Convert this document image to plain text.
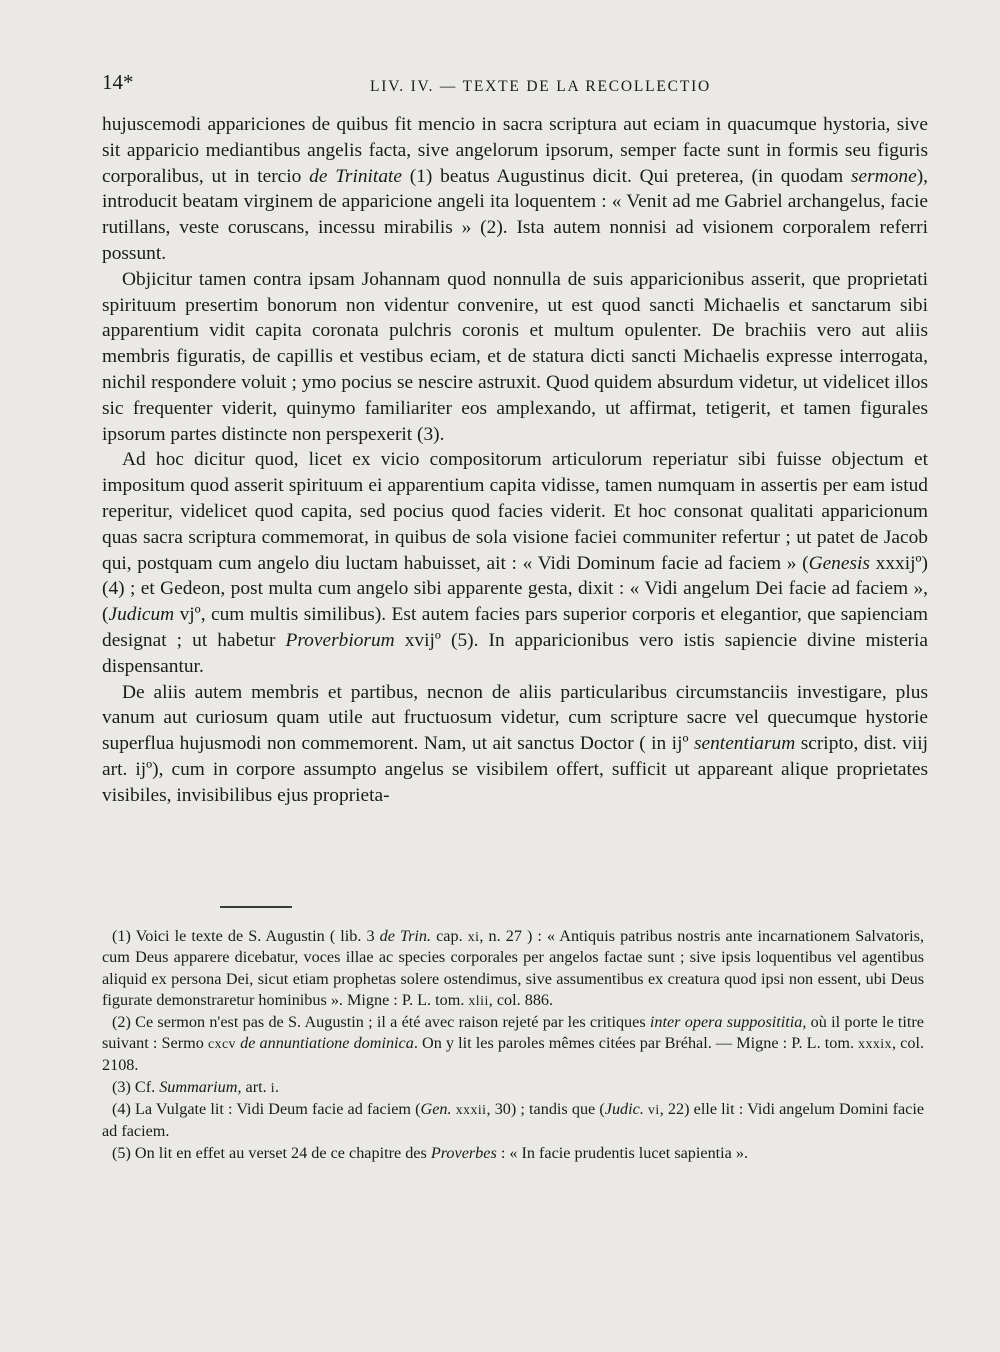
14*	LIV. IV. — TEXTE DE LA RECOLLECTIO

hujuscemodi appariciones de quibus fit mencio in sacra scriptura aut eciam in quacumque hystoria, sive sit apparicio mediantibus angelis facta, sive angelorum ipsorum, semper facte sunt in formis seu figuris corporalibus, ut in tercio de Trinitate (1) beatus Augustinus dicit. Qui preterea, (in quodam sermone), introducit beatam virginem de apparicione angeli ita loquentem : « Venit ad me Gabriel archangelus, facie rutillans, veste coruscans, incessu mirabilis » (2). Ista autem nonnisi ad visionem corporalem referri possunt.

Objicitur tamen contra ipsam Johannam quod nonnulla de suis apparicionibus asserit, que proprietati spirituum presertim bonorum non videntur convenire, ut est quod sancti Michaelis et sanctarum sibi apparentium vidit capita coronata pulchris coronis et multum opulenter. De brachiis vero aut aliis membris figuratis, de capillis et vestibus eciam, et de statura dicti sancti Michaelis expresse interrogata, nichil respondere voluit ; ymo pocius se nescire astruxit. Quod quidem absurdum videtur, ut videlicet illos sic frequenter viderit, quinymo familiariter eos amplexando, ut affirmat, tetigerit, et tamen figurales ipsorum partes distincte non perspexerit (3).

Ad hoc dicitur quod, licet ex vicio compositorum articulorum reperiatur sibi fuisse objectum et impositum quod asserit spirituum ei apparentium capita vidisse, tamen numquam in assertis per eam istud reperitur, videlicet quod capita, sed pocius quod facies viderit. Et hoc consonat qualitati apparicionum quas sacra scriptura commemorat, in quibus de sola visione faciei communiter refertur ; ut patet de Jacob qui, postquam cum angelo diu luctam habuisset, ait : « Vidi Dominum facie ad faciem » (Genesis xxxijº) (4) ; et Gedeon, post multa cum angelo sibi apparente gesta, dixit : « Vidi angelum Dei facie ad faciem », (Judicum vjº, cum multis similibus). Est autem facies pars superior corporis et elegantior, que sapienciam designat ; ut habetur Proverbiorum xvijº (5). In apparicionibus vero istis sapiencie divine misteria dispensantur.

De aliis autem membris et partibus, necnon de aliis particularibus circumstanciis investigare, plus vanum aut curiosum quam utile aut fructuosum videtur, cum scripture sacre vel quecumque hystorie superflua hujusmodi non commemorent. Nam, ut ait sanctus Doctor ( in ijº sententiarum scripto, dist. viij art. ijº), cum in corpore assumpto angelus se visibilem offert, sufficit ut appareant alique proprietates visibiles, invisibilibus ejus proprieta-

(1) Voici le texte de S. Augustin ( lib. 3 de Trin. cap. xi, n. 27 ) : « Antiquis patribus nostris ante incarnationem Salvatoris, cum Deus apparere dicebatur, voces illae ac species corporales per angelos factae sunt ; sive ipsis loquentibus vel agentibus aliquid ex persona Dei, sicut etiam prophetas solere ostendimus, sive assumentibus ex creatura quod ipsi non essent, ubi Deus figurate demonstraretur hominibus ». Migne : P. L. tom. xlii, col. 886.

(2) Ce sermon n'est pas de S. Augustin ; il a été avec raison rejeté par les critiques inter opera supposititia, où il porte le titre suivant : Sermo cxcv de annuntiatione dominica. On y lit les paroles mêmes citées par Bréhal. — Migne : P. L. tom. xxxix, col. 2108.

(3) Cf. Summarium, art. i.

(4) La Vulgate lit : Vidi Deum facie ad faciem (Gen. xxxii, 30) ; tandis que (Judic. vi, 22) elle lit : Vidi angelum Domini facie ad faciem.

(5) On lit en effet au verset 24 de ce chapitre des Proverbes : « In facie prudentis lucet sapientia ».
